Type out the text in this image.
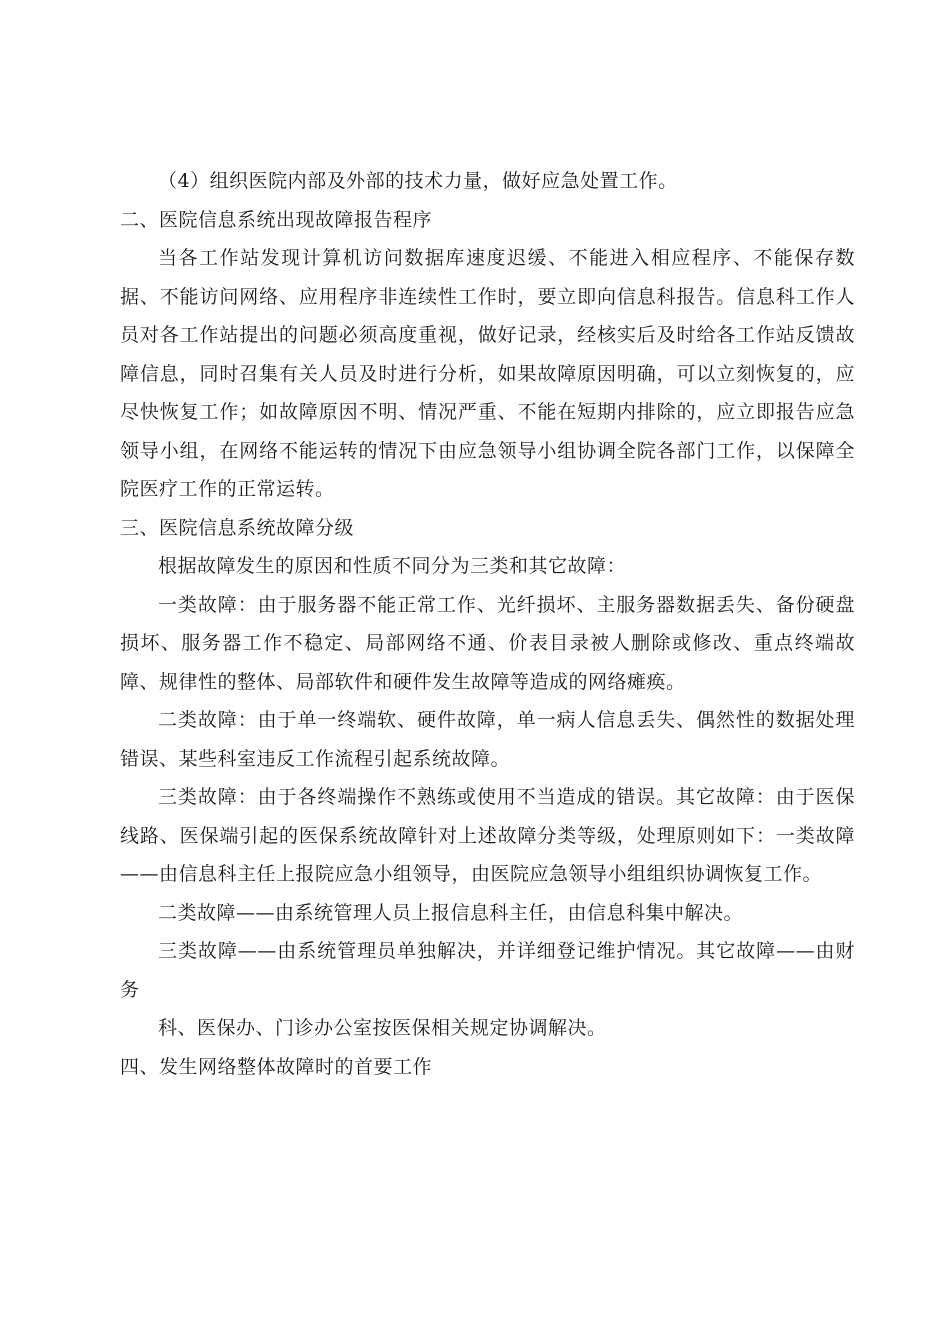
（4）组织医院内部及外部的技术力量，做好应急处置工作。

二、医院信息系统出现故障报告程序

当各工作站发现计算机访问数据库速度迟缓、不能进入相应程序、不能保存数据、不能访问网络、应用程序非连续性工作时，要立即向信息科报告。信息科工作人员对各工作站提出的问题必须高度重视，做好记录，经核实后及时给各工作站反馈故障信息，同时召集有关人员及时进行分析，如果故障原因明确，可以立刻恢复的，应尽快恢复工作；如故障原因不明、情况严重、不能在短期内排除的，应立即报告应急领导小组，在网络不能运转的情况下由应急领导小组协调全院各部门工作，以保障全院医疗工作的正常运转。

三、医院信息系统故障分级

根据故障发生的原因和性质不同分为三类和其它故障：

一类故障：由于服务器不能正常工作、光纤损坏、主服务器数据丢失、备份硬盘损坏、服务器工作不稳定、局部网络不通、价表目录被人删除或修改、重点终端故障、规律性的整体、局部软件和硬件发生故障等造成的网络瘫痪。

二类故障：由于单一终端软、硬件故障，单一病人信息丢失、偶然性的数据处理错误、某些科室违反工作流程引起系统故障。

三类故障：由于各终端操作不熟练或使用不当造成的错误。其它故障：由于医保线路、医保端引起的医保系统故障针对上述故障分类等级，处理原则如下：一类故障——由信息科主任上报院应急小组领导，由医院应急领导小组组织协调恢复工作。

二类故障——由系统管理人员上报信息科主任，由信息科集中解决。

三类故障——由系统管理员单独解决，并详细登记维护情况。其它故障——由财务

科、医保办、门诊办公室按医保相关规定协调解决。

四、发生网络整体故障时的首要工作
